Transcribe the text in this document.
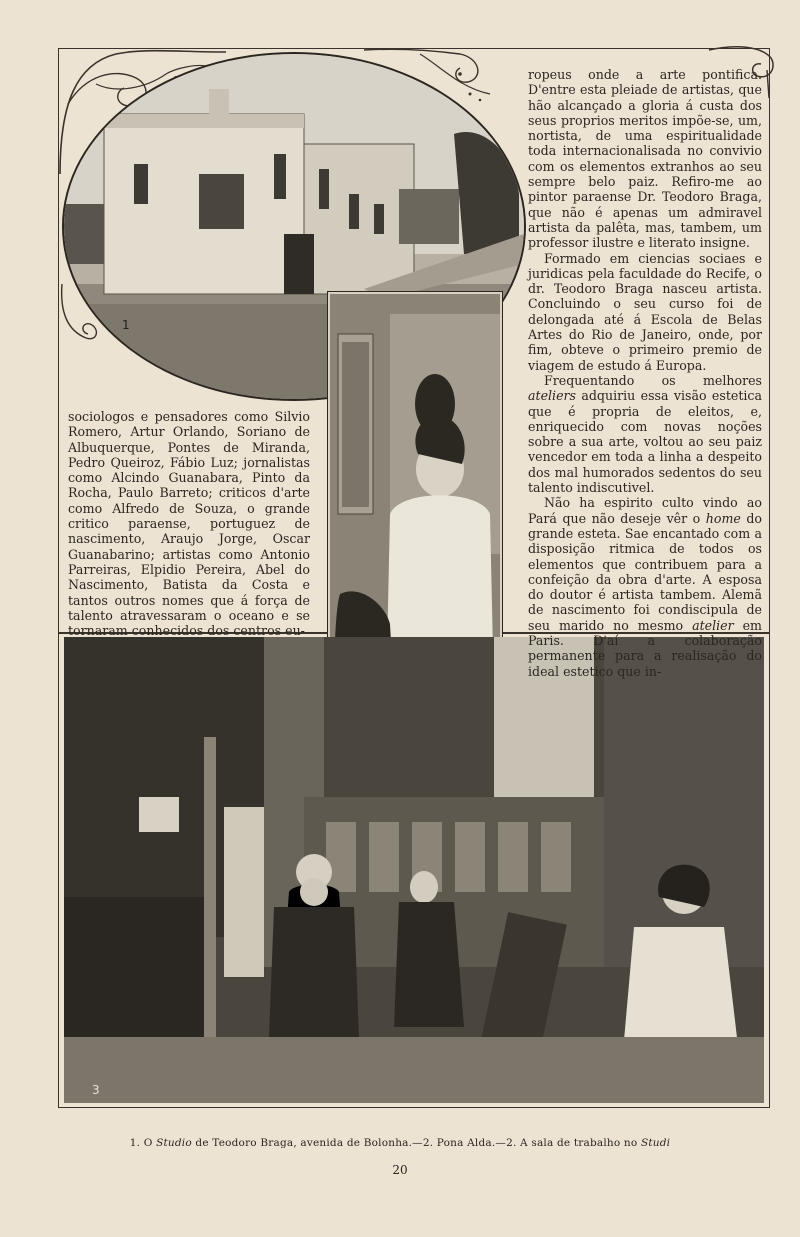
1
3

sociologos e pensadores como Silvio Romero, Artur Orlando, Soriano de Albuquerque, Pontes de Miranda, Pedro Queiroz, Fábio Luz; jornalistas como Alcindo Guanabara, Pinto da Rocha, Paulo Barreto; criticos d'arte como Alfredo de Souza, o grande critico paraense, portuguez de nascimento, Araujo Jorge, Oscar Guanabarino; artistas como Antonio Parreiras, Elpidio Pereira, Abel do Nascimento, Batista da Costa e tantos outros nomes que á força de talento atravessaram o oceano e se tornaram conhecidos dos centros eu-

ropeus onde a arte pontifica. D'entre esta pleiade de artistas, que hão alcançado a gloria á custa dos seus proprios meritos impõe-se, um, nortista, de uma espiritualidade toda internacionalisada no convivio com os elementos extranhos ao seu sempre belo paiz. Refiro-me ao pintor paraense Dr. Teodoro Braga, que não é apenas um admiravel artista da palêta, mas, tambem, um professor ilustre e literato insigne.

Formado em ciencias sociaes e juridicas pela faculdade do Recife, o dr. Teodoro Braga nasceu artista. Concluindo o seu curso foi de delongada até á Escola de Belas Artes do Rio de Janeiro, onde, por fim, obteve o primeiro premio de viagem de estudo á Europa.

Frequentando os melhores ateliers adquiriu essa visão estetica que é propria de eleitos, e, enriquecido com novas noções sobre a sua arte, voltou ao seu paiz vencedor em toda a linha a despeito dos mal humorados sedentos do seu talento indiscutivel.

Não ha espirito culto vindo ao Pará que não deseje vêr o home do grande esteta. Sae encantado com a disposição ritmica de todos os elementos que contribuem para a confeição da obra d'arte. A esposa do doutor é artista tambem. Alemã de nascimento foi condiscipula de seu marido no mesmo atelier em Paris. D'aí a colaboração permanente para a realisação do ideal estetico que in-

1. O Studio de Teodoro Braga, avenida de Bolonha.—2. Pona Alda.—2. A sala de trabalho no Studi
20
